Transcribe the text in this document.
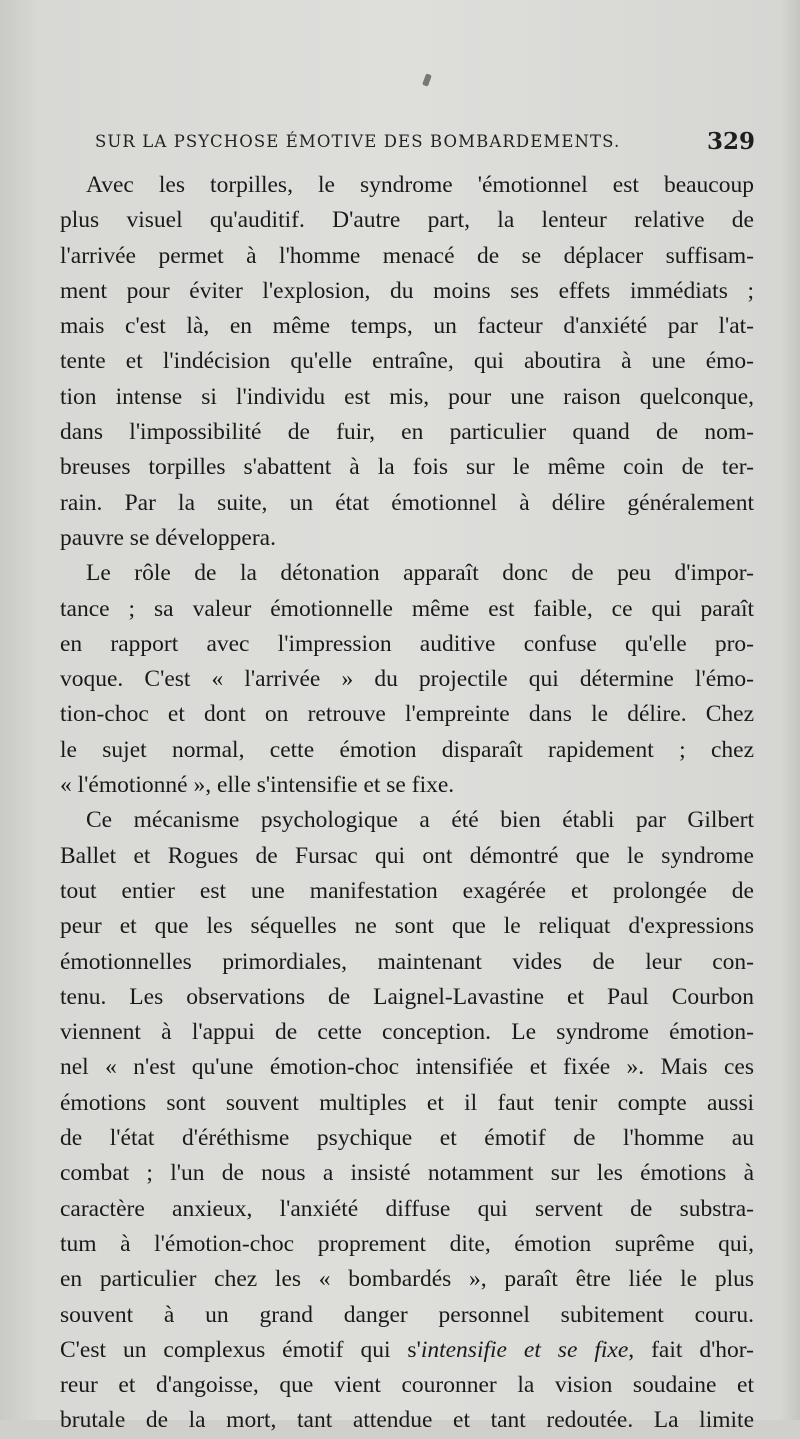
SUR LA PSYCHOSE ÉMOTIVE DES BOMBARDEMENTS.	329
Avec les torpilles, le syndrome 'émotionnel est beaucoup
plus visuel qu'auditif. D'autre part, la lenteur relative de
l'arrivée permet à l'homme menacé de se déplacer suffisam-
ment pour éviter l'explosion, du moins ses effets immédiats ;
mais c'est là, en même temps, un facteur d'anxiété par l'at-
tente et l'indécision qu'elle entraîne, qui aboutira à une émo-
tion intense si l'individu est mis, pour une raison quelconque,
dans l'impossibilité de fuir, en particulier quand de nom-
breuses torpilles s'abattent à la fois sur le même coin de ter-
rain. Par la suite, un état émotionnel à délire généralement
pauvre se développera.
Le rôle de la détonation apparaît donc de peu d'impor-
tance ; sa valeur émotionnelle même est faible, ce qui paraît
en rapport avec l'impression auditive confuse qu'elle pro-
voque. C'est « l'arrivée » du projectile qui détermine l'émo-
tion-choc et dont on retrouve l'empreinte dans le délire. Chez
le sujet normal, cette émotion disparaît rapidement ; chez
« l'émotionné », elle s'intensifie et se fixe.
Ce mécanisme psychologique a été bien établi par Gilbert
Ballet et Rogues de Fursac qui ont démontré que le syndrome
tout entier est une manifestation exagérée et prolongée de
peur et que les séquelles ne sont que le reliquat d'expressions
émotionnelles primordiales, maintenant vides de leur con-
tenu. Les observations de Laignel-Lavastine et Paul Courbon
viennent à l'appui de cette conception. Le syndrome émotion-
nel « n'est qu'une émotion-choc intensifiée et fixée ». Mais ces
émotions sont souvent multiples et il faut tenir compte aussi
de l'état d'éréthisme psychique et émotif de l'homme au
combat ; l'un de nous a insisté notamment sur les émotions à
caractère anxieux, l'anxiété diffuse qui servent de substra-
tum à l'émotion-choc proprement dite, émotion suprême qui,
en particulier chez les « bombardés », paraît être liée le plus
souvent à un grand danger personnel subitement couru.
C'est un complexus émotif qui s'intensifie et se fixe, fait d'hor-
reur et d'angoisse, que vient couronner la vision soudaine et
brutale de la mort, tant attendue et tant redoutée. La limite
